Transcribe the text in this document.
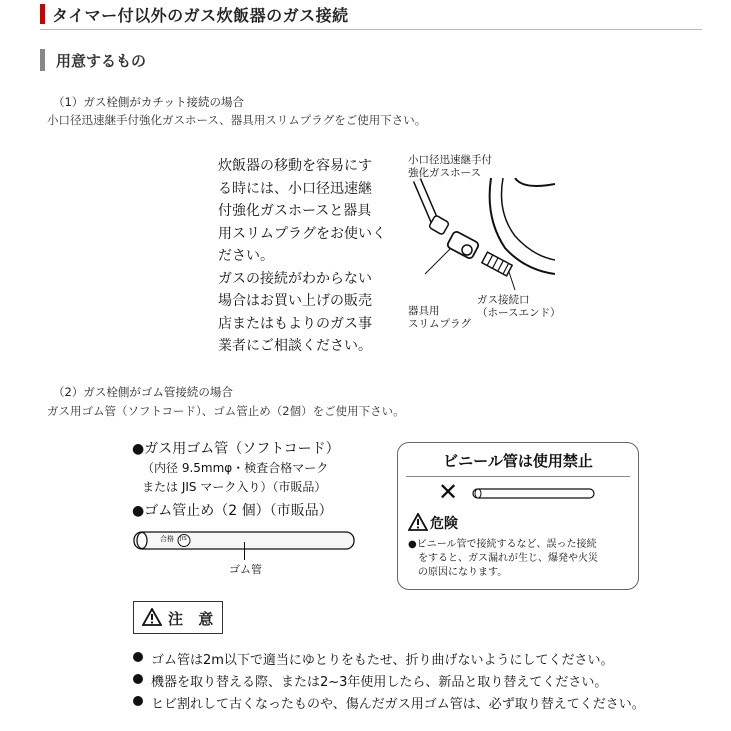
タイマー付以外のガス炊飯器のガス接続
用意するもの
（1）ガス栓側がカチット接続の場合
小口径迅速継手付強化ガスホース、器具用スリムプラグをご使用下さい。
炊飯器の移動を容易にす
る時には、小口径迅速継
付強化ガスホースと器具
用スリムプラグをお使いく
ださい。
ガスの接続がわからない
場合はお買い上げの販売
店またはもよりのガス事
業者にご相談ください。
小口径迅速継手付
強化ガスホース
器具用
スリムプラグ
ガス接続口
（ホースエンド）
（2）ガス栓側がゴム管接続の場合
ガス用ゴム管（ソフトコード）、ゴム管止め（2個）をご使用下さい。
●ガス用ゴム管（ソフトコード）
（内径 9.5mmφ・検査合格マーク
または JIS マーク入り）（市販品）
●ゴム管止め（2 個）（市販品）
合格 JIS
ゴム管
ビニール管は使用禁止
✕
危険
●ビニール管で接続するなど、誤った接続
　をすると、ガス漏れが生じ、爆発や火災
　の原因になります。
注 意
ゴム管は2m以下で適当にゆとりをもたせ、折り曲げないようにしてください。
機器を取り替える際、または2~3年使用したら、新品と取り替えてください。
ヒビ割れして古くなったものや、傷んだガス用ゴム管は、必ず取り替えてください。
